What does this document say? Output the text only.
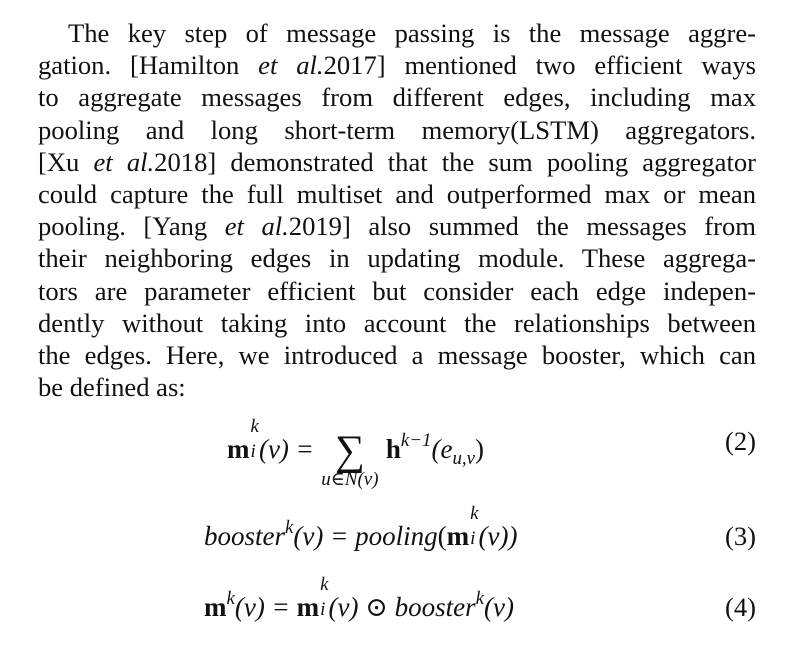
The key step of message passing is the message aggre-
gation. [Hamilton et al.2017] mentioned two efficient ways
to aggregate messages from different edges, including max
pooling and long short-term memory(LSTM) aggregators.
[Xu et al.2018] demonstrated that the sum pooling aggregator
could capture the full multiset and outperformed max or mean
pooling. [Yang et al.2019] also summed the messages from
their neighboring edges in updating module. These aggrega-
tors are parameter efficient but consider each edge indepen-
dently without taking into account the relationships between
the edges. Here, we introduced a message booster, which can
be defined as:
m
k
i (v) = ∑
u∈N(v)
$h^{k-1}(e_{u,v})$	(2)
booster$^k$(v) = pooling(m
k
i (v))	(3)
$m^k(v) = m$
k
i (v) ⊙ booster$^k$(v)	(4)
